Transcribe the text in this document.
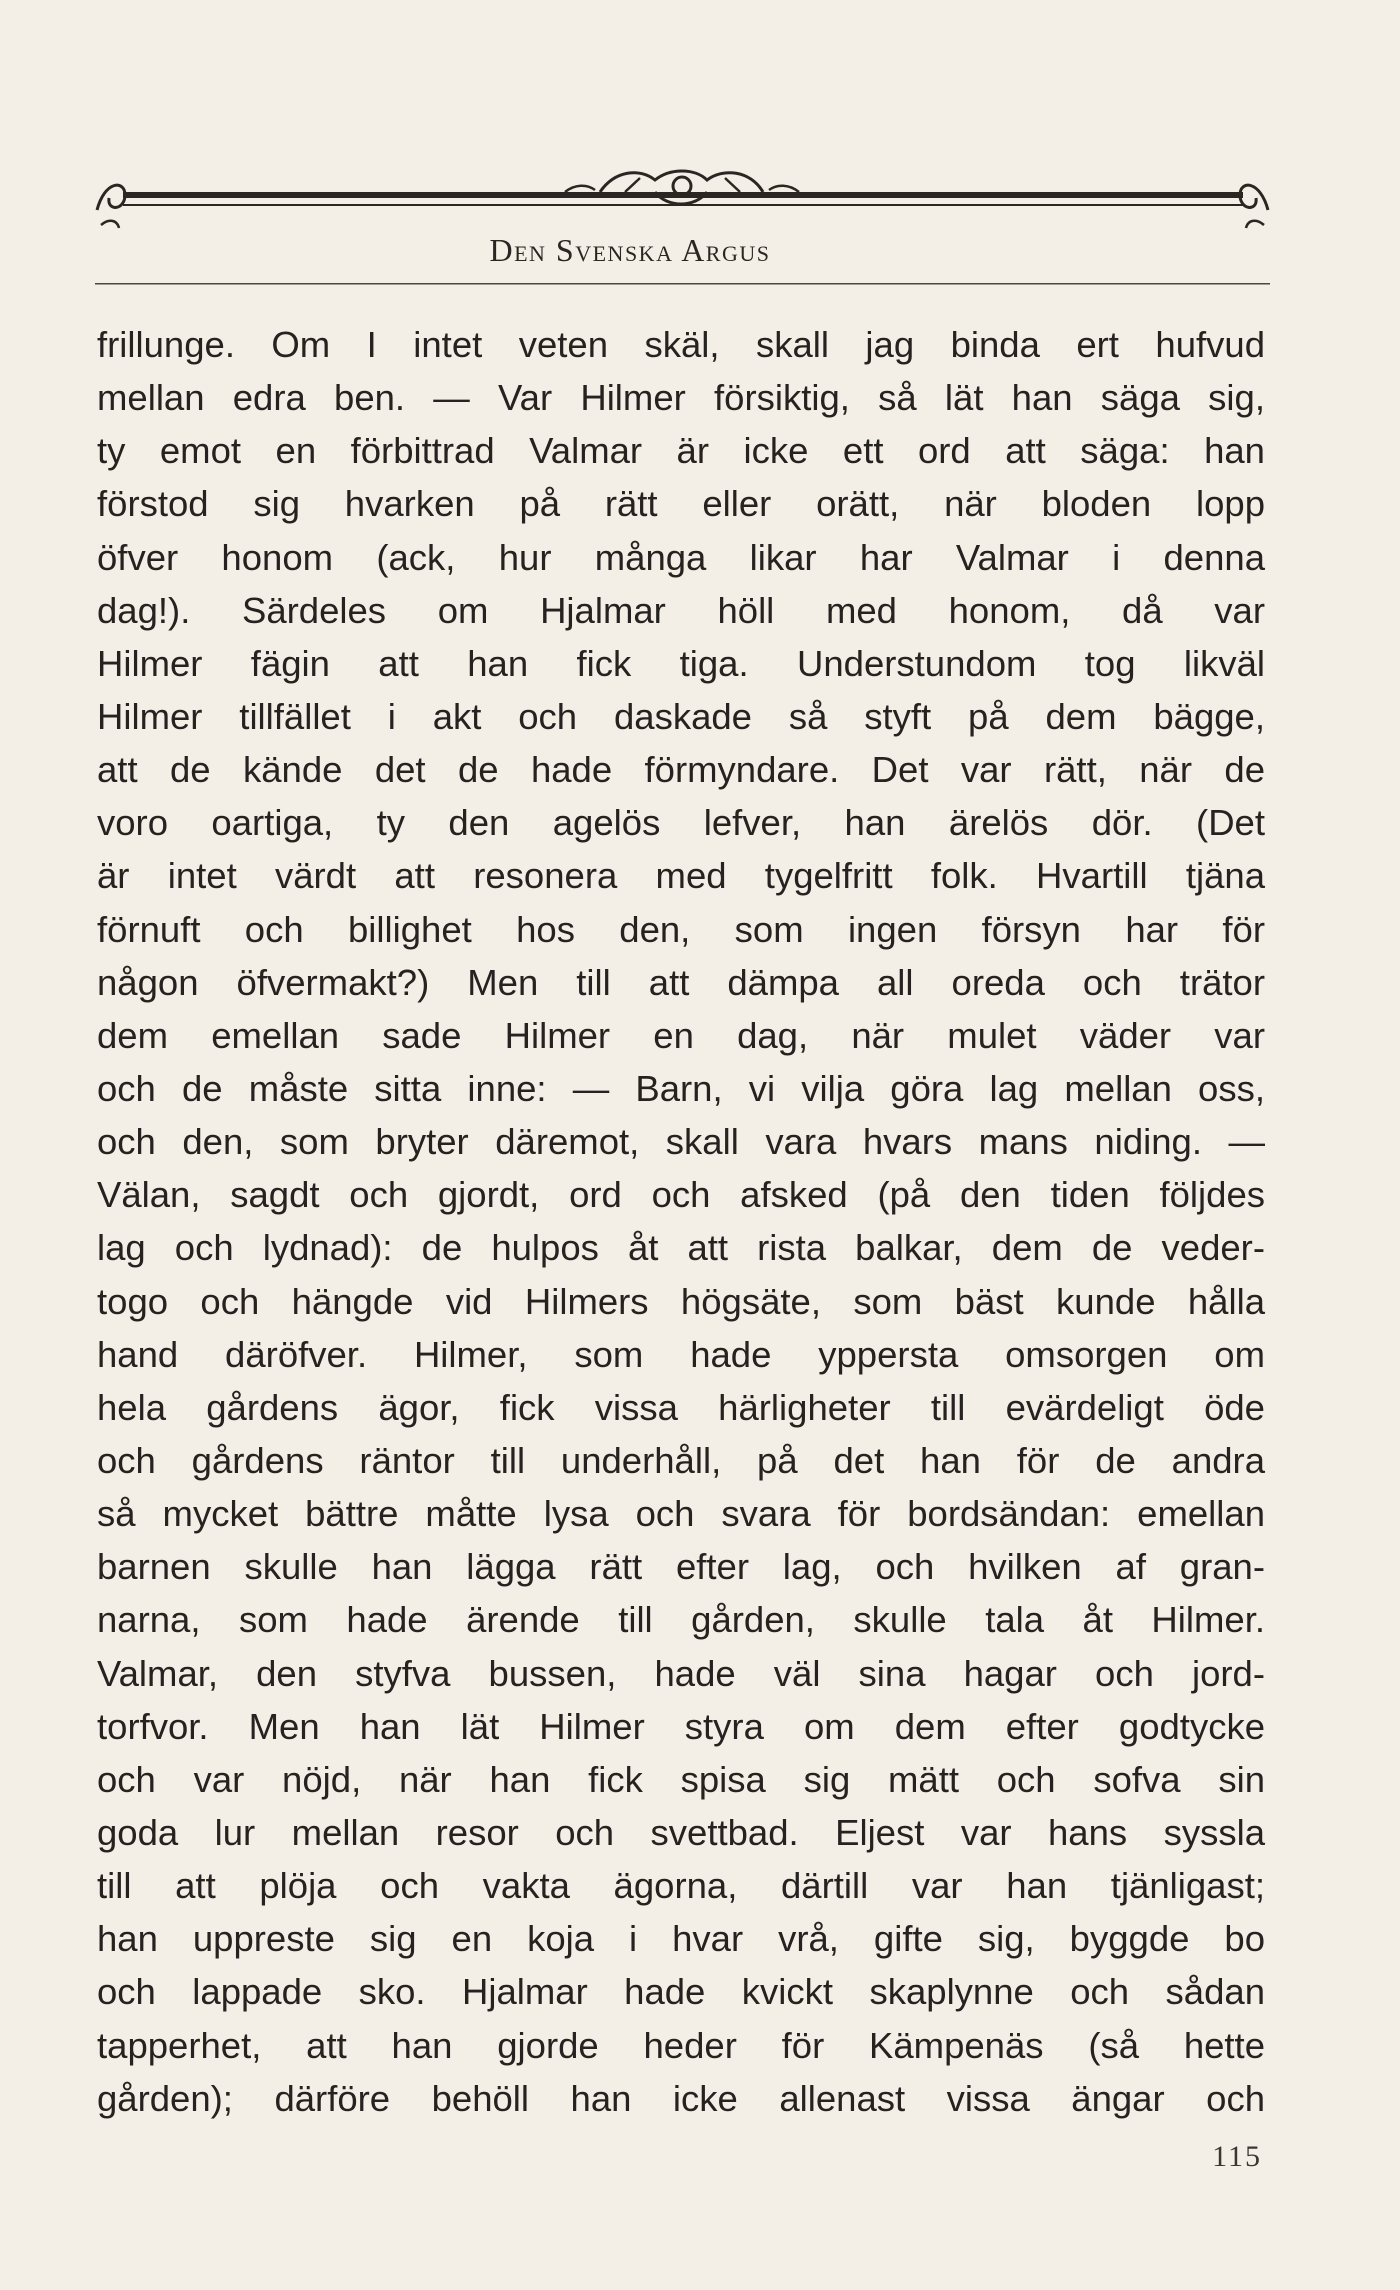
Den Svenska Argus
frillunge. Om I intet veten skäl, skall jag binda ert hufvud
mellan edra ben. — Var Hilmer försiktig, så lät han säga sig,
ty emot en förbittrad Valmar är icke ett ord att säga: han
förstod sig hvarken på rätt eller orätt, när bloden lopp
öfver honom (ack, hur många likar har Valmar i denna
dag!). Särdeles om Hjalmar höll med honom, då var
Hilmer fägin att han fick tiga. Understundom tog likväl
Hilmer tillfället i akt och daskade så styft på dem bägge,
att de kände det de hade förmyndare. Det var rätt, när de
voro oartiga, ty den agelös lefver, han ärelös dör. (Det
är intet värdt att resonera med tygelfritt folk. Hvartill tjäna
förnuft och billighet hos den, som ingen försyn har för
någon öfvermakt?) Men till att dämpa all oreda och trätor
dem emellan sade Hilmer en dag, när mulet väder var
och de måste sitta inne: — Barn, vi vilja göra lag mellan oss,
och den, som bryter däremot, skall vara hvars mans niding. —
Välan, sagdt och gjordt, ord och afsked (på den tiden följdes
lag och lydnad): de hulpos åt att rista balkar, dem de veder-
togo och hängde vid Hilmers högsäte, som bäst kunde hålla
hand däröfver. Hilmer, som hade yppersta omsorgen om
hela gårdens ägor, fick vissa härligheter till evärdeligt öde
och gårdens räntor till underhåll, på det han för de andra
så mycket bättre måtte lysa och svara för bordsändan: emellan
barnen skulle han lägga rätt efter lag, och hvilken af gran-
narna, som hade ärende till gården, skulle tala åt Hilmer.
Valmar, den styfva bussen, hade väl sina hagar och jord-
torfvor. Men han lät Hilmer styra om dem efter godtycke
och var nöjd, när han fick spisa sig mätt och sofva sin
goda lur mellan resor och svettbad. Eljest var hans syssla
till att plöja och vakta ägorna, därtill var han tjänligast;
han uppreste sig en koja i hvar vrå, gifte sig, byggde bo
och lappade sko. Hjalmar hade kvickt skaplynne och sådan
tapperhet, att han gjorde heder för Kämpenäs (så hette
gården); därföre behöll han icke allenast vissa ängar och
115
